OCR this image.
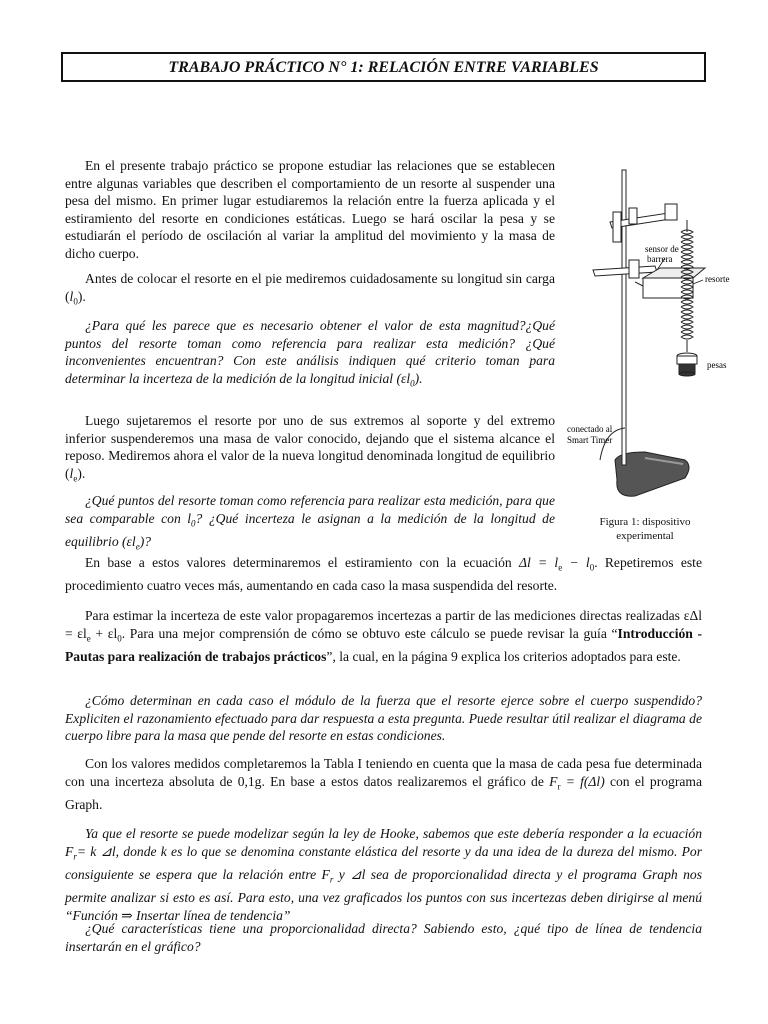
TRABAJO PRÁCTICO N° 1: RELACIÓN ENTRE VARIABLES

En el presente trabajo práctico se propone estudiar las relaciones que se establecen entre algunas variables que describen el comportamiento de un resorte al suspender una pesa del mismo. En primer lugar estudiaremos la relación entre la fuerza aplicada y el estiramiento del resorte en condiciones estáticas. Luego se hará oscilar la pesa y se estudiarán el período de oscilación al variar la amplitud del movimiento y la masa de dicho cuerpo.

Antes de colocar el resorte en el pie mediremos cuidadosamente su longitud sin carga $(l_0)$.

¿Para qué les parece que es necesario obtener el valor de esta magnitud?¿Qué puntos del resorte toman como referencia para realizar esta medición? ¿Qué inconvenientes encuentran? Con este análisis indiquen qué criterio toman para determinar la incerteza de la medición de la longitud inicial $(\varepsilon l_0)$.

Luego sujetaremos el resorte por uno de sus extremos al soporte y del extremo inferior suspenderemos una masa de valor conocido, dejando que el sistema alcance el reposo. Mediremos ahora el valor de la nueva longitud denominada longitud de equilibrio $(l_e)$.

¿Qué puntos del resorte toman como referencia para realizar esta medición, para que sea comparable con $l_0$? ¿Qué incerteza le asignan a la medición de la longitud de equilibrio $(\varepsilon l_e)$?

En base a estos valores determinaremos el estiramiento con la ecuación $\Delta l = l_e - l_0$. Repetiremos este procedimiento cuatro veces más, aumentando en cada caso la masa suspendida del resorte.

Para estimar la incerteza de este valor propagaremos incertezas a partir de las mediciones directas realizadas $\varepsilon\Delta l = \varepsilon l_e + \varepsilon l_0$. Para una mejor comprensión de cómo se obtuvo este cálculo se puede revisar la guía “Introducción - Pautas para realización de trabajos prácticos”, la cual, en la página 9 explica los criterios adoptados para este.

¿Cómo determinan en cada caso el módulo de la fuerza que el resorte ejerce sobre el cuerpo suspendido? Expliciten el razonamiento efectuado para dar respuesta a esta pregunta. Puede resultar útil realizar el diagrama de cuerpo libre para la masa que pende del resorte en estas condiciones.

Con los valores medidos completaremos la Tabla I teniendo en cuenta que la masa de cada pesa fue determinada con una incerteza absoluta de 0,1g. En base a estos datos realizaremos el gráfico de $F_r = f(\Delta l)$ con el programa Graph.

Ya que el resorte se puede modelizar según la ley de Hooke, sabemos que este debería responder a la ecuación $F_r= k$ ⊿l, donde k es lo que se denomina constante elástica del resorte y da una idea de la dureza del mismo. Por consiguiente se espera que la relación entre $F_r$ y ⊿l sea de proporcionalidad directa y el programa Graph nos permite analizar si esto es así. Para esto, una vez graficados los puntos con sus incertezas deben dirigirse al menú “Función ⇒ Insertar línea de tendencia”

¿Qué características tiene una proporcionalidad directa? Sabiendo esto, ¿qué tipo de línea de tendencia insertarán en el gráfico?

sensor de barrera
resorte
pesas
conectado al Smart Timer
Figura 1: dispositivo
experimental
